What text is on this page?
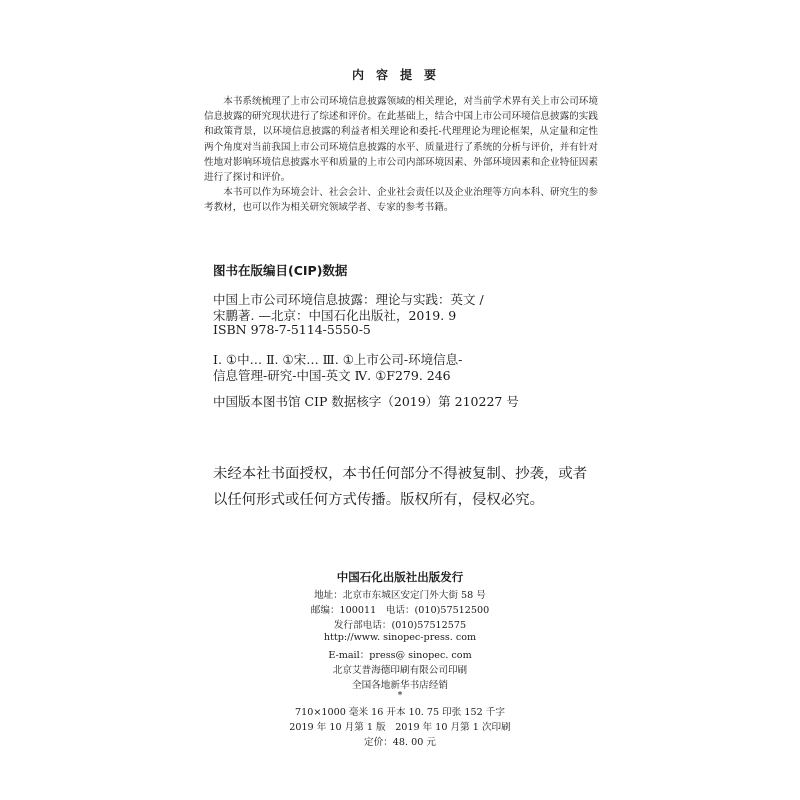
内容提要

本书系统梳理了上市公司环境信息披露领域的相关理论，对当前学术界有关上市公司环境信息披露的研究现状进行了综述和评价。在此基础上，结合中国上市公司环境信息披露的实践和政策背景，以环境信息披露的利益者相关理论和委托-代理理论为理论框架，从定量和定性两个角度对当前我国上市公司环境信息披露的水平、质量进行了系统的分析与评价，并有针对性地对影响环境信息披露水平和质量的上市公司内部环境因素、外部环境因素和企业特征因素进行了探讨和评价。

本书可以作为环境会计、社会会计、企业社会责任以及企业治理等方向本科、研究生的参考教材，也可以作为相关研究领域学者、专家的参考书籍。

图书在版编目(CIP)数据
中国上市公司环境信息披露：理论与实践：英文 /
宋鹏著. —北京：中国石化出版社，2019. 9
ISBN 978-7-5114-5550-5
Ⅰ. ①中… Ⅱ. ①宋… Ⅲ. ①上市公司-环境信息-
信息管理-研究-中国-英文 Ⅳ. ①F279. 246
中国版本图书馆 CIP 数据核字（2019）第 210227 号
未经本社书面授权，本书任何部分不得被复制、抄袭，或者
以任何形式或任何方式传播。版权所有，侵权必究。
中国石化出版社出版发行
地址：北京市东城区安定门外大街 58 号
邮编：100011　电话：(010)57512500
发行部电话：(010)57512575
http://www. sinopec-press. com
E-mail：press@ sinopec. com
北京艾普海德印刷有限公司印刷
全国各地新华书店经销
*
710×1000 毫米 16 开本 10. 75 印张 152 千字
2019 年 10 月第 1 版　2019 年 10 月第 1 次印刷
定价：48. 00 元
